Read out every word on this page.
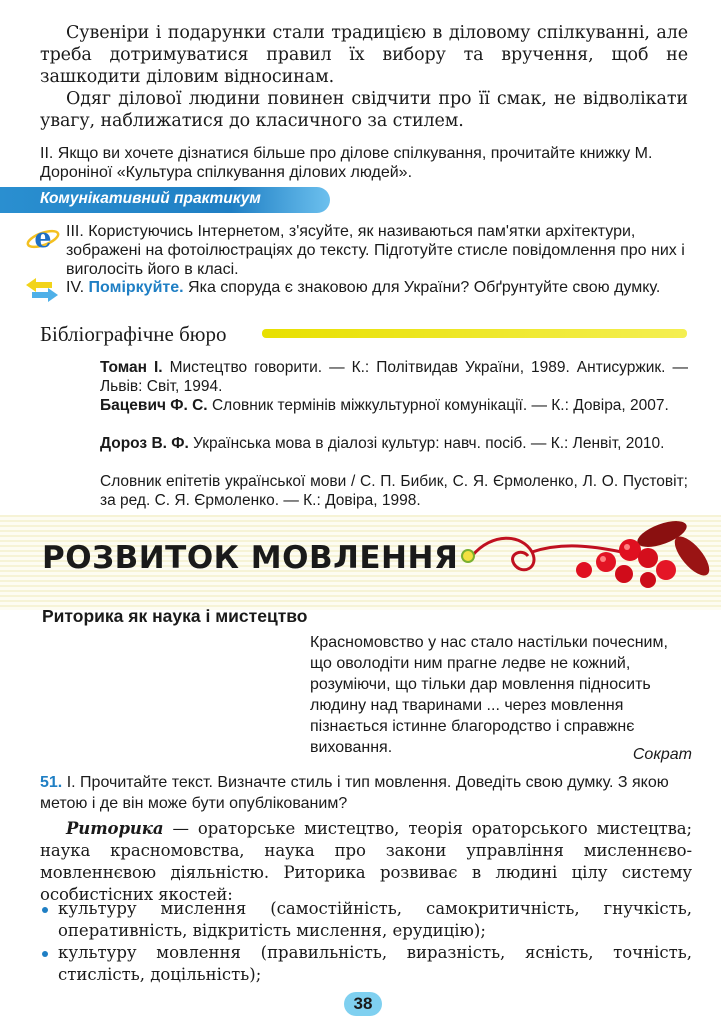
Сувеніри і подарунки стали традицією в діловому спілкуванні, але треба дотримуватися правил їх вибору та вручення, щоб не зашкодити діловим відносинам.

Одяг ділової людини повинен свідчити про її смак, не відволікати увагу, наближатися до класичного за стилем.

II. Якщо ви хочете дізнатися більше про ділове спілкування, прочитайте книжку М. Дороніної «Культура спілкування ділових людей».

Комунікативний практикум
e III. Користуючись Інтернетом, з'ясуйте, як називаються пам'ятки архітектури, зображені на фотоілюстраціях до тексту. Підготуйте стисле повідомлення про них і виголосіть його в класі.

IV. Поміркуйте. Яка споруда є знаковою для України? Обґрунтуйте свою думку.

Бібліографічне бюро

Томан І. Мистецтво говорити. — К.: Політвидав України, 1989. Антисуржик. — Львів: Світ, 1994.

Бацевич Ф. С. Словник термінів міжкультурної комунікації. — К.: Довіра, 2007.

Дороз В. Ф. Українська мова в діалозі культур: навч. посіб. — К.: Ленвіт, 2010.

Словник епітетів української мови / С. П. Бибик, С. Я. Єрмоленко, Л. О. Пустовіт; за ред. С. Я. Єрмоленко. — К.: Довіра, 1998.

РОЗВИТОК МОВЛЕННЯ
Риторика як наука і мистецтво

Красномовство у нас стало настільки почесним, що оволодіти ним прагне ледве не кожний, розуміючи, що тільки дар мовлення підносить людину над тваринами ... через мовлення пізнається істинне благородство і справжнє виховання.	Сократ

51. І. Прочитайте текст. Визначте стиль і тип мовлення. Доведіть свою думку. З якою метою і де він може бути опублікованим?

Риторика — ораторське мистецтво, теорія ораторського мистецтва; наука красномовства, наука про закони управління мисленнєво-мовленнєвою діяльністю. Риторика розвиває в людині цілу систему особистісних якостей:

культуру мислення (самостійність, самокритичність, гнучкість, оперативність, відкритість мислення, ерудицію);

культуру мовлення (правильність, виразність, ясність, точність, стислість, доцільність);

38
